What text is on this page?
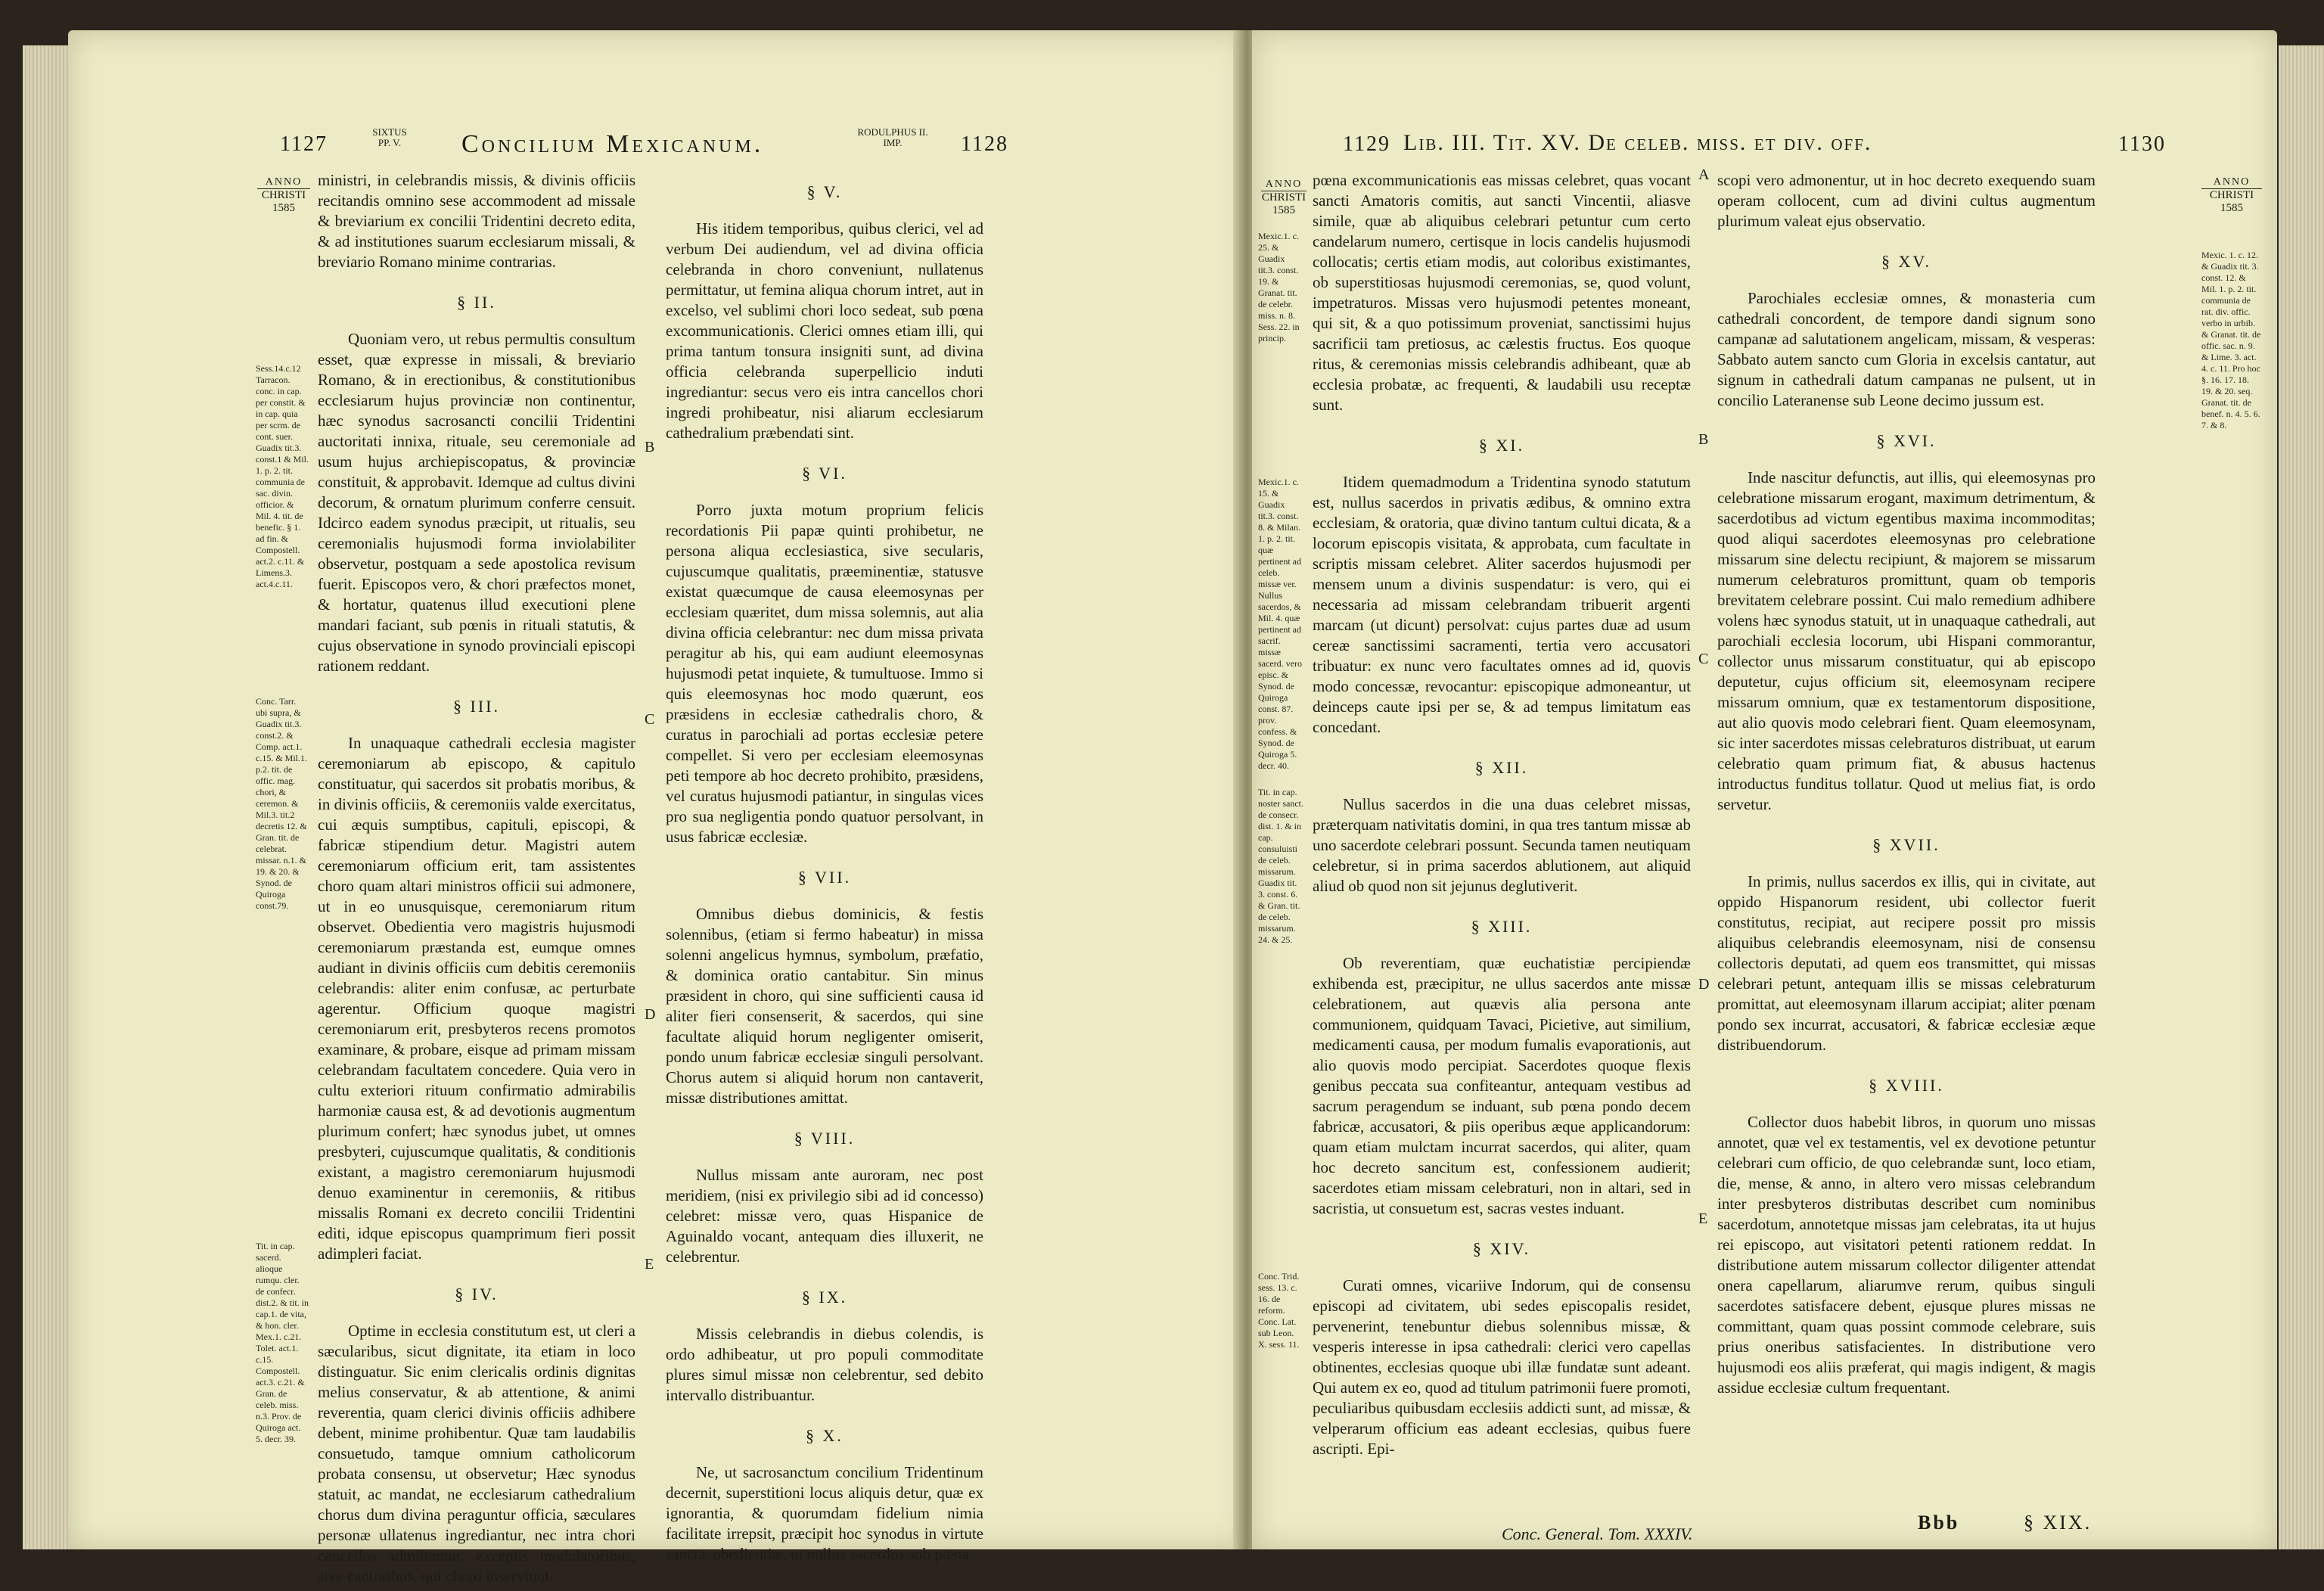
1127
SIXTUS
PP. V.	Concilium Mexicanum.	RODULPHUS II.
IMP.	1128
ANNO
CHRISTI
1585
Sess.14.c.12 Tarracon. conc. in cap. per constit. & in cap. quia per scrm. de cont. suer. Guadix tit.3. const.1 & Mil. 1. p. 2. tit. communia de sac. divin. officior. & Mil. 4. tit. de benefic. § 1. ad fin. & Compostell. act.2. c.11. & Limens.3. act.4.c.11.
Conc. Tarr. ubi supra, & Guadix tit.3. const.2. & Comp. act.1. c.15. & Mil.1. p.2. tit. de offic. mag. chori, & ceremon. & Mil.3. tit.2 decretis 12. & Gran. tit. de celebrat. missar. n.1. & 19. & 20. & Synod. de Quiroga const.79.
Tit. in cap. sacerd. alioque rumqu. cler. de confecr. dist.2. & tit. in cap.1. de vita, & hon. cler. Mex.1. c.21. Tolet. act.1. c.15. Compostell. act.3. c.21. & Gran. de celeb. miss. n.3. Prov. de Quiroga act. 5. decr. 39.

ministri, in celebrandis missis, & divinis officiis recitandis omnino sese accommodent ad missale & breviarium ex concilii Tridentini decreto edita, & ad institutiones suarum ecclesiarum missali, & breviario Romano minime contrarias.

§ II.

Quoniam vero, ut rebus permultis consultum esset, quæ expresse in missali, & breviario Romano, & in erectionibus, & constitutionibus ecclesiarum hujus provinciæ non continentur, hæc synodus sacrosancti concilii Tridentini auctoritati innixa, rituale, seu ceremoniale ad usum hujus archiepiscopatus, & provinciæ constituit, & approbavit. Idemque ad cultus divini decorum, & ornatum plurimum conferre censuit. Idcirco eadem synodus præcipit, ut ritualis, seu ceremonialis hujusmodi forma inviolabiliter observetur, postquam a sede apostolica revisum fuerit. Episcopos vero, & chori præfectos monet, & hortatur, quatenus illud executioni plene mandari faciant, sub pœnis in rituali statutis, & cujus observatione in synodo provinciali episcopi rationem reddant.

§ III.

In unaquaque cathedrali ecclesia magister ceremoniarum ab episcopo, & capitulo constituatur, qui sacerdos sit probatis moribus, & in divinis officiis, & ceremoniis valde exercitatus, cui æquis sumptibus, capituli, episcopi, & fabricæ stipendium detur. Magistri autem ceremoniarum officium erit, tam assistentes choro quam altari ministros officii sui admonere, ut in eo unusquisque, ceremoniarum ritum observet. Obedientia vero magistris hujusmodi ceremoniarum præstanda est, eumque omnes audiant in divinis officiis cum debitis ceremoniis celebrandis: aliter enim confusæ, ac perturbate agerentur. Officium quoque magistri ceremoniarum erit, presbyteros recens promotos examinare, & probare, eisque ad primam missam celebrandam facultatem concedere. Quia vero in cultu exteriori rituum confirmatio admirabilis harmoniæ causa est, & ad devotionis augmentum plurimum confert; hæc synodus jubet, ut omnes presbyteri, cujuscumque qualitatis, & conditionis existant, a magistro ceremoniarum hujusmodi denuo examinentur in ceremoniis, & ritibus missalis Romani ex decreto concilii Tridentini editi, idque episcopus quamprimum fieri possit adimpleri faciat.

§ IV.

Optime in ecclesia constitutum est, ut cleri a sæcularibus, sicut dignitate, ita etiam in loco distinguatur. Sic enim clericalis ordinis dignitas melius conservatur, & ab attentione, & animi reverentia, quam clerici divinis officiis adhibere debent, minime prohibentur. Quæ tam laudabilis consuetudo, tamque omnium catholicorum probata consensu, ut observetur; Hæc synodus statuit, ac mandat, ne ecclesiarum cathedralium chorus dum divina peraguntur officia, sæculares personæ ullatenus ingrediantur, nec intra chori cancellos admittantur, exceptis modulatoribus, sive cantoribus, qui choro inserviunt.

B
C
D
E
§ V.

His itidem temporibus, quibus clerici, vel ad verbum Dei audiendum, vel ad divina officia celebranda in choro conveniunt, nullatenus permittatur, ut femina aliqua chorum intret, aut in excelso, vel sublimi chori loco sedeat, sub pœna excommunicationis. Clerici omnes etiam illi, qui prima tantum tonsura insigniti sunt, ad divina officia celebranda superpellicio induti ingrediantur: secus vero eis intra cancellos chori ingredi prohibeatur, nisi aliarum ecclesiarum cathedralium præbendati sint.

§ VI.

Porro juxta motum proprium felicis recordationis Pii papæ quinti prohibetur, ne persona aliqua ecclesiastica, sive secularis, cujuscumque qualitatis, præeminentiæ, statusve existat quæcumque de causa eleemosynas per ecclesiam quæritet, dum missa solemnis, aut alia divina officia celebrantur: nec dum missa privata peragitur ab his, qui eam audiunt eleemosynas hujusmodi petat inquiete, & tumultuose. Immo si quis eleemosynas hoc modo quærunt, eos præsidens in ecclesiæ cathedralis choro, & curatus in parochiali ad portas ecclesiæ petere compellet. Si vero per ecclesiam eleemosynas peti tempore ab hoc decreto prohibito, præsidens, vel curatus hujusmodi patiantur, in singulas vices pro sua negligentia pondo quatuor persolvant, in usus fabricæ ecclesiæ.

§ VII.

Omnibus diebus dominicis, & festis solennibus, (etiam si fermo habeatur) in missa solenni angelicus hymnus, symbolum, præfatio, & dominica oratio cantabitur. Sin minus præsident in choro, qui sine sufficienti causa id aliter fieri consenserit, & sacerdos, qui sine facultate aliquid horum negligenter omiserit, pondo unum fabricæ ecclesiæ singuli persolvant. Chorus autem si aliquid horum non cantaverit, missæ distributiones amittat.

§ VIII.

Nullus missam ante auroram, nec post meridiem, (nisi ex privilegio sibi ad id concesso) celebret: missæ vero, quas Hispanice de Aguinaldo vocant, antequam dies illuxerit, ne celebrentur.

§ IX.

Missis celebrandis in diebus colendis, is ordo adhibeatur, ut pro populi commoditate plures simul missæ non celebrentur, sed debito intervallo distribuantur.

§ X.

Ne, ut sacrosanctum concilium Tridentinum decernit, superstitioni locus aliquis detur, quæ ex ignorantia, & quorumdam fidelium nimia facilitate irrepsit, præcipit hoc synodus in virtute sanctæ obedientiæ, ut nullus sacerdos sub pœna

1129 Lib. III. Tit. XV. De celeb. miss. et div. off.	1130
ANNO
CHRISTI
1585
ANNO
CHRISTI
1585
Mexic.1. c. 25. & Guadix tit.3. const. 19. & Granat. tit. de celebr. miss. n. 8. Sess. 22. in princip.
Mexic.1. c. 15. & Guadix tit.3. const. 8. & Milan. 1. p. 2. tit. quæ pertinent ad celeb. missæ ver. Nullus sacerdos, & Mil. 4. quæ pertinent ad sacrif. missæ sacerd. vero episc. & Synod. de Quiroga const. 87. prov. confess. & Synod. de Quiroga 5. decr. 40.
Tit. in cap. noster sanct. de consecr. dist. 1. & in cap. consuluisti de celeb. missarum. Guadix tit. 3. const. 6. & Gran. tit. de celeb. missarum. 24. & 25.
Conc. Trid. sess. 13. c. 16. de reform. Conc. Lat. sub Leon. X. sess. 11.
Mexic. 1. c. 12. & Guadix tit. 3. const. 12. & Mil. 1. p. 2. tit. communia de rat. div. offic. verbo in urbib. & Granat. tit. de offic. sac. n. 9. & Lime. 3. act. 4. c. 11. Pro hoc §. 16. 17. 18. 19. & 20. seq. Granat. tit. de benef. n. 4. 5. 6. 7. & 8.

pœna excommunicationis eas missas celebret, quas vocant sancti Amatoris comitis, aut sancti Vincentii, aliasve simile, quæ ab aliquibus celebrari petuntur cum certo candelarum numero, certisque in locis candelis hujusmodi collocatis; certis etiam modis, aut coloribus existimantes, ob superstitiosas hujusmodi ceremonias, se, quod volunt, impetraturos. Missas vero hujusmodi petentes moneant, qui sit, & a quo potissimum proveniat, sanctissimi hujus sacrificii tam pretiosus, ac cælestis fructus. Eos quoque ritus, & ceremonias missis celebrandis adhibeant, quæ ab ecclesia probatæ, ac frequenti, & laudabili usu receptæ sunt.

§ XI.

Itidem quemadmodum a Tridentina synodo statutum est, nullus sacerdos in privatis ædibus, & omnino extra ecclesiam, & oratoria, quæ divino tantum cultui dicata, & a locorum episcopis visitata, & approbata, cum facultate in scriptis missam celebret. Aliter sacerdos hujusmodi per mensem unum a divinis suspendatur: is vero, qui ei necessaria ad missam celebrandam tribuerit argenti marcam (ut dicunt) persolvat: cujus partes duæ ad usum cereæ sanctissimi sacramenti, tertia vero accusatori tribuatur: ex nunc vero facultates omnes ad id, quovis modo concessæ, revocantur: episcopique admoneantur, ut deinceps caute ipsi per se, & ad tempus limitatum eas concedant.

§ XII.

Nullus sacerdos in die una duas celebret missas, præterquam nativitatis domini, in qua tres tantum missæ ab uno sacerdote celebrari possunt. Secunda tamen neutiquam celebretur, si in prima sacerdos ablutionem, aut aliquid aliud ob quod non sit jejunus deglutiverit.

§ XIII.

Ob reverentiam, quæ euchatistiæ percipiendæ exhibenda est, præcipitur, ne ullus sacerdos ante missæ celebrationem, aut quævis alia persona ante communionem, quidquam Tavaci, Picietive, aut similium, medicamenti causa, per modum fumalis evaporationis, aut alio quovis modo percipiat. Sacerdotes quoque flexis genibus peccata sua confiteantur, antequam vestibus ad sacrum peragendum se induant, sub pœna pondo decem fabricæ, accusatori, & piis operibus æque applicandorum: quam etiam mulctam incurrat sacerdos, qui aliter, quam hoc decreto sancitum est, confessionem audierit; sacerdotes etiam missam celebraturi, non in altari, sed in sacristia, ut consuetum est, sacras vestes induant.

§ XIV.

Curati omnes, vicariive Indorum, qui de consensu episcopi ad civitatem, ubi sedes episcopalis residet, pervenerint, tenebuntur diebus solennibus missæ, & vesperis interesse in ipsa cathedrali: clerici vero capellas obtinentes, ecclesias quoque ubi illæ fundatæ sunt adeant. Qui autem ex eo, quod ad titulum patrimonii fuere promoti, peculiaribus quibusdam ecclesiis addicti sunt, ad missæ, & velperarum officium eas adeant ecclesias, quibus fuere ascripti. Epi-

Conc. General. Tom. XXXIV.
A
B
C
D
E

scopi vero admonentur, ut in hoc decreto exequendo suam operam collocent, cum ad divini cultus augmentum plurimum valeat ejus observatio.

§ XV.

Parochiales ecclesiæ omnes, & monasteria cum cathedrali concordent, de tempore dandi signum sono campanæ ad salutationem angelicam, missam, & vesperas: Sabbato autem sancto cum Gloria in excelsis cantatur, aut signum in cathedrali datum campanas ne pulsent, ut in concilio Lateranense sub Leone decimo jussum est.

§ XVI.

Inde nascitur defunctis, aut illis, qui eleemosynas pro celebratione missarum erogant, maximum detrimentum, & sacerdotibus ad victum egentibus maxima incommoditas; quod aliqui sacerdotes eleemosynas pro celebratione missarum sine delectu recipiunt, & majorem se missarum numerum celebraturos promittunt, quam ob temporis brevitatem celebrare possint. Cui malo remedium adhibere volens hæc synodus statuit, ut in unaquaque cathedrali, aut parochiali ecclesia locorum, ubi Hispani commorantur, collector unus missarum constituatur, qui ab episcopo deputetur, cujus officium sit, eleemosynam recipere missarum omnium, quæ ex testamentorum dispositione, aut alio quovis modo celebrari fient. Quam eleemosynam, sic inter sacerdotes missas celebraturos distribuat, ut earum celebratio quam primum fiat, & abusus hactenus introductus funditus tollatur. Quod ut melius fiat, is ordo servetur.

§ XVII.

In primis, nullus sacerdos ex illis, qui in civitate, aut oppido Hispanorum resident, ubi collector fuerit constitutus, recipiat, aut recipere possit pro missis aliquibus celebrandis eleemosynam, nisi de consensu collectoris deputati, ad quem eos transmittet, qui missas celebrari petunt, antequam illis se missas celebraturum promittat, aut eleemosynam illarum accipiat; aliter pœnam pondo sex incurrat, accusatori, & fabricæ ecclesiæ æque distribuendorum.

§ XVIII.

Collector duos habebit libros, in quorum uno missas annotet, quæ vel ex testamentis, vel ex devotione petuntur celebrari cum officio, de quo celebrandæ sunt, loco etiam, die, mense, & anno, in altero vero missas celebrandum inter presbyteros distributas describet cum nominibus sacerdotum, annotetque missas jam celebratas, ita ut hujus rei episcopo, aut visitatori petenti rationem reddat. In distributione autem missarum collector diligenter attendat onera capellarum, aliarumve rerum, quibus singuli sacerdotes satisfacere debent, ejusque plures missas ne committant, quam quas possint commode celebrare, suis prius oneribus satisfacientes. In distributione vero hujusmodi eos aliis præferat, qui magis indigent, & magis assidue ecclesiæ cultum frequentant.

Bbb	§ XIX.
